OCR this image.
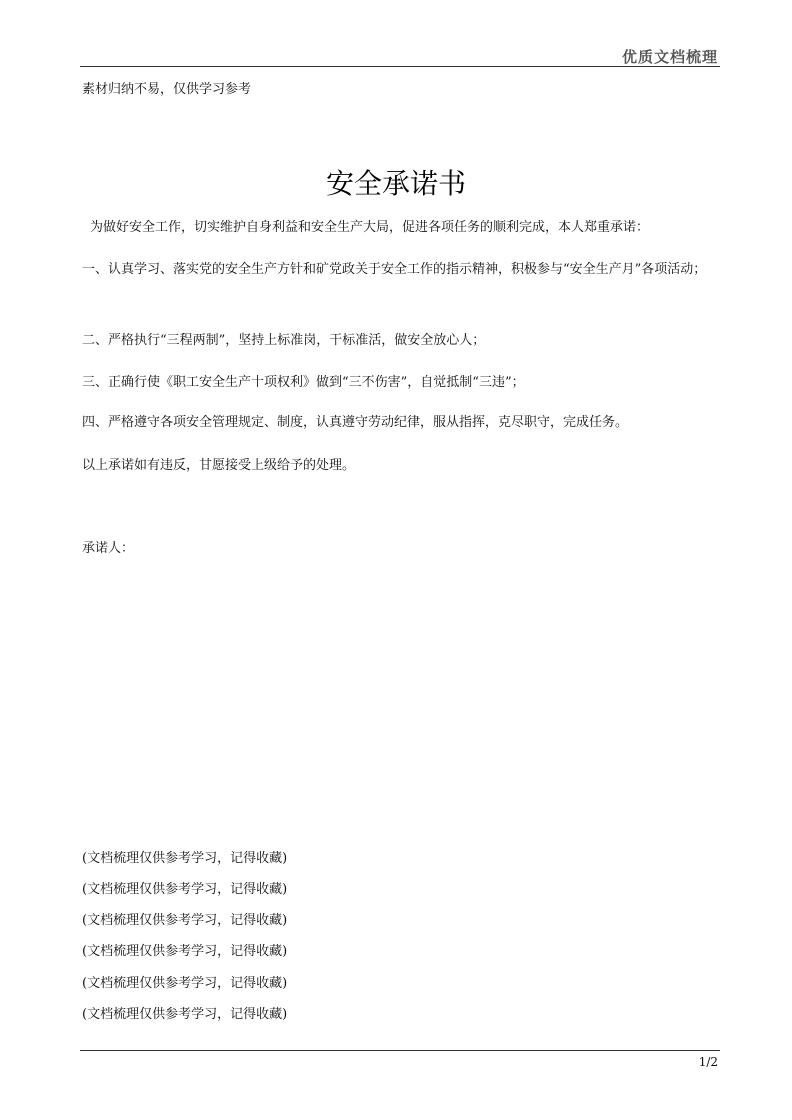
优质文档梳理
素材归纳不易，仅供学习参考
安全承诺书

为做好安全工作，切实维护自身利益和安全生产大局，促进各项任务的顺利完成，本人郑重承诺：

一、认真学习、落实党的安全生产方针和矿党政关于安全工作的指示精神，积极参与“安全生产月”各项活动；

二、严格执行“三程两制”，坚持上标准岗，干标准活，做安全放心人；

三、正确行使《职工安全生产十项权利》做到“三不伤害”，自觉抵制“三违”；

四、严格遵守各项安全管理规定、制度，认真遵守劳动纪律，服从指挥，克尽职守，完成任务。

以上承诺如有违反，甘愿接受上级给予的处理。

承诺人：

(文档梳理仅供参考学习，记得收藏)
(文档梳理仅供参考学习，记得收藏)
(文档梳理仅供参考学习，记得收藏)
(文档梳理仅供参考学习，记得收藏)
(文档梳理仅供参考学习，记得收藏)
(文档梳理仅供参考学习，记得收藏)
1/2
